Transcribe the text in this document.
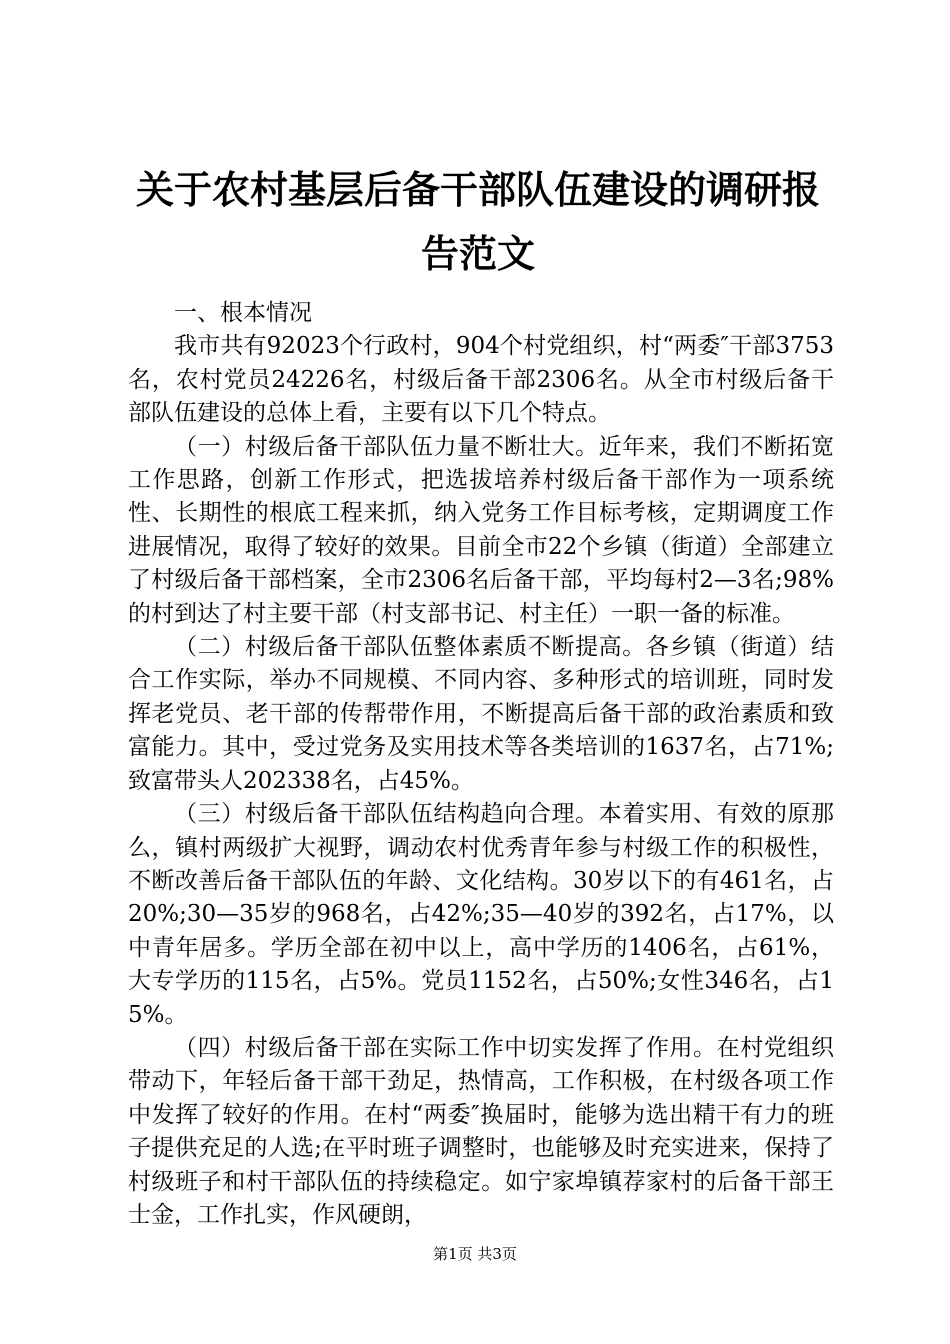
关于农村基层后备干部队伍建设的调研报告范文

一、根本情况

我市共有92023个行政村，904个村党组织，村“两委″干部3753名，农村党员24226名，村级后备干部2306名。从全市村级后备干部队伍建设的总体上看，主要有以下几个特点。

（一）村级后备干部队伍力量不断壮大。近年来，我们不断拓宽工作思路，创新工作形式，把选拔培养村级后备干部作为一项系统性、长期性的根底工程来抓，纳入党务工作目标考核，定期调度工作进展情况，取得了较好的效果。目前全市22个乡镇（街道）全部建立了村级后备干部档案，全市2306名后备干部，平均每村2—3名;98%的村到达了村主要干部（村支部书记、村主任）一职一备的标准。

（二）村级后备干部队伍整体素质不断提高。各乡镇（街道）结合工作实际，举办不同规模、不同内容、多种形式的培训班，同时发挥老党员、老干部的传帮带作用，不断提高后备干部的政治素质和致富能力。其中，受过党务及实用技术等各类培训的1637名，占71%;致富带头人202338名，占45%。

（三）村级后备干部队伍结构趋向合理。本着实用、有效的原那么，镇村两级扩大视野，调动农村优秀青年参与村级工作的积极性，不断改善后备干部队伍的年龄、文化结构。30岁以下的有461名，占20%;30—35岁的968名，占42%;35—40岁的392名，占17%，以中青年居多。学历全部在初中以上，高中学历的1406名，占61%，大专学历的115名，占5%。党员1152名，占50%;女性346名，占15%。

（四）村级后备干部在实际工作中切实发挥了作用。在村党组织带动下，年轻后备干部干劲足，热情高，工作积极，在村级各项工作中发挥了较好的作用。在村“两委″换届时，能够为选出精干有力的班子提供充足的人选;在平时班子调整时，也能够及时充实进来，保持了村级班子和村干部队伍的持续稳定。如宁家埠镇荐家村的后备干部王士金，工作扎实，作风硬朗，

第1页 共3页
